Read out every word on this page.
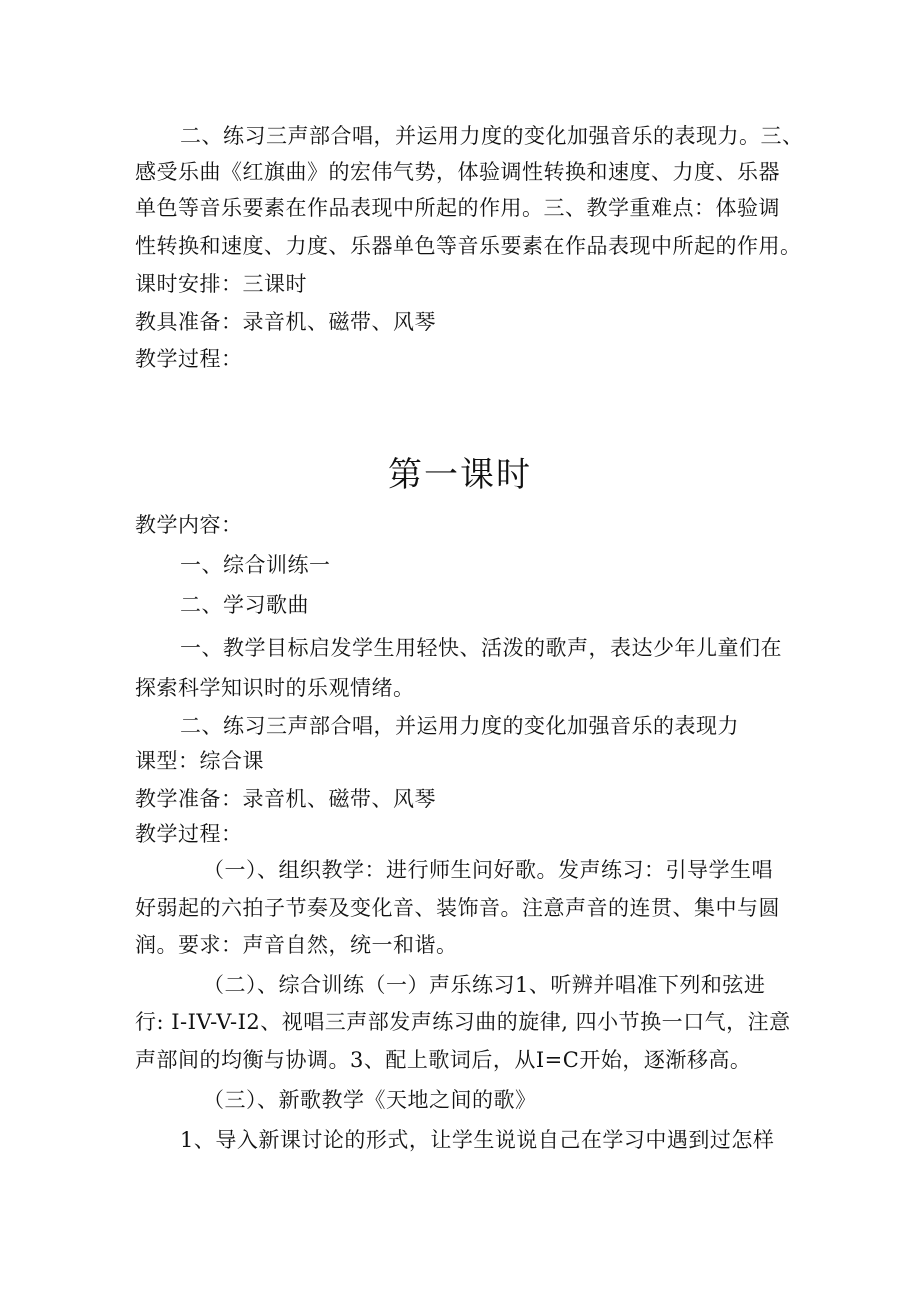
二、练习三声部合唱，并运用力度的变化加强音乐的表现力。三、
感受乐曲《红旗曲》的宏伟气势，体验调性转换和速度、力度、乐器
单色等音乐要素在作品表现中所起的作用。三、教学重难点：体验调
性转换和速度、力度、乐器单色等音乐要素在作品表现中所起的作用。
课时安排：三课时
教具准备：录音机、磁带、风琴
教学过程：
第一课时
教学内容：
一、综合训练一
二、学习歌曲
一、教学目标启发学生用轻快、活泼的歌声，表达少年儿童们在
探索科学知识时的乐观情绪。
二、练习三声部合唱，并运用力度的变化加强音乐的表现力
课型：综合课
教学准备：录音机、磁带、风琴
教学过程：
（一）、组织教学：进行师生问好歌。发声练习：引导学生唱
好弱起的六拍子节奏及变化音、装饰音。注意声音的连贯、集中与圆
润。要求：声音自然，统一和谐。
（二）、综合训练（一）声乐练习1、听辨并唱准下列和弦进
行: I-IV-V-I2、视唱三声部发声练习曲的旋律, 四小节换一口气，注意
声部间的均衡与协调。3、配上歌词后，从I=C开始，逐渐移高。
（三）、新歌教学《天地之间的歌》
1、导入新课讨论的形式，让学生说说自己在学习中遇到过怎样
